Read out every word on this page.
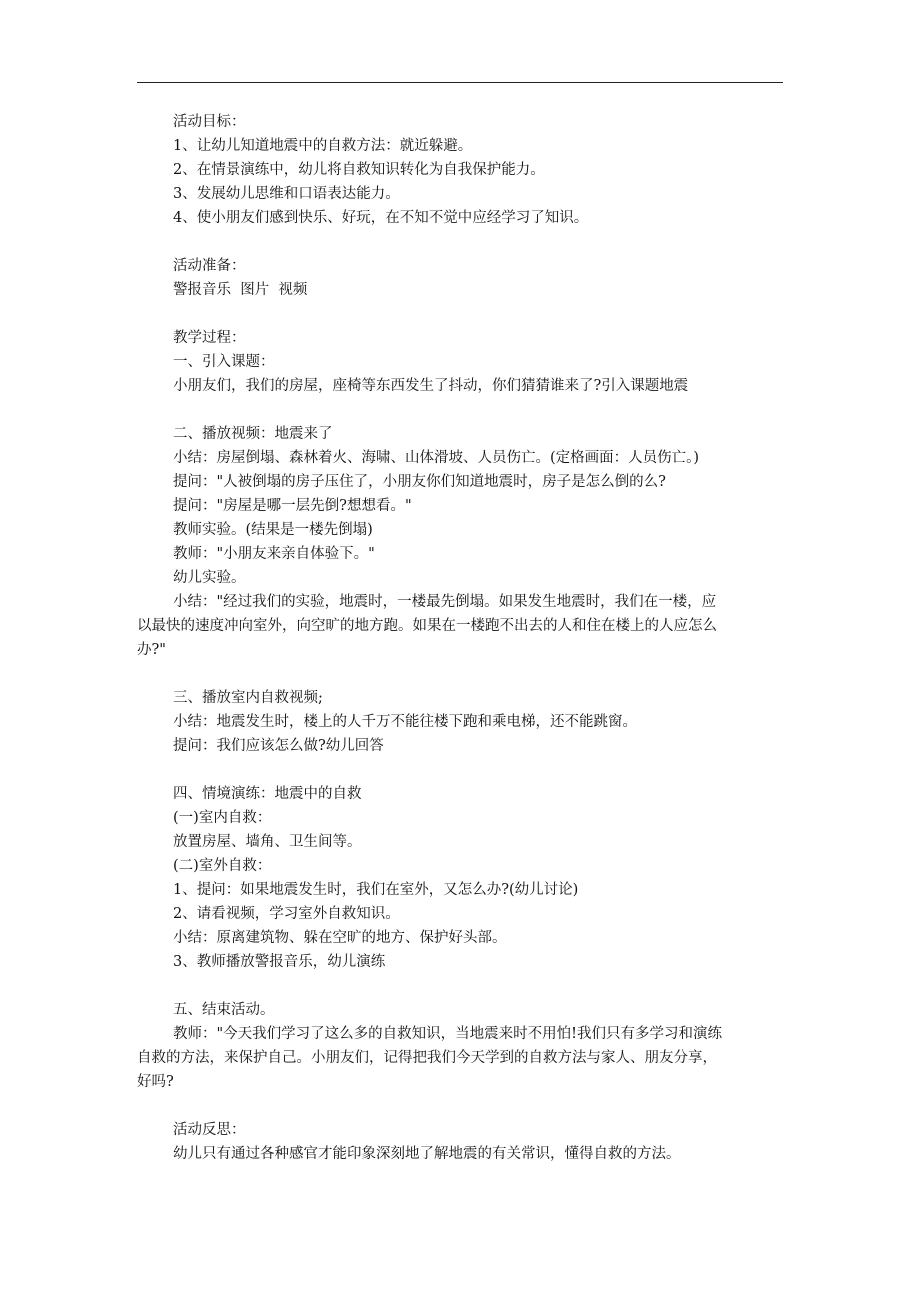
活动目标：
1、让幼儿知道地震中的自救方法：就近躲避。
2、在情景演练中，幼儿将自救知识转化为自我保护能力。
3、发展幼儿思维和口语表达能力。
4、使小朋友们感到快乐、好玩，在不知不觉中应经学习了知识。
活动准备：
警报音乐  图片  视频
教学过程：
一、引入课题：
小朋友们，我们的房屋，座椅等东西发生了抖动，你们猜猜谁来了?引入课题地震
二、播放视频：地震来了
小结：房屋倒塌、森林着火、海啸、山体滑坡、人员伤亡。(定格画面：人员伤亡。)
提问："人被倒塌的房子压住了，小朋友你们知道地震时，房子是怎么倒的么?
提问："房屋是哪一层先倒?想想看。"
教师实验。(结果是一楼先倒塌)
教师："小朋友来亲自体验下。"
幼儿实验。
小结："经过我们的实验，地震时，一楼最先倒塌。如果发生地震时，我们在一楼，应
以最快的速度冲向室外，向空旷的地方跑。如果在一楼跑不出去的人和住在楼上的人应怎么
办?"
三、播放室内自救视频;
小结：地震发生时，楼上的人千万不能往楼下跑和乘电梯，还不能跳窗。
提问：我们应该怎么做?幼儿回答
四、情境演练：地震中的自救
(一)室内自救：
放置房屋、墙角、卫生间等。
(二)室外自救：
1、提问：如果地震发生时，我们在室外，又怎么办?(幼儿讨论)
2、请看视频，学习室外自救知识。
小结：原离建筑物、躲在空旷的地方、保护好头部。
3、教师播放警报音乐，幼儿演练
五、结束活动。
教师："今天我们学习了这么多的自救知识，当地震来时不用怕!我们只有多学习和演练
自救的方法，来保护自己。小朋友们，记得把我们今天学到的自救方法与家人、朋友分享，
好吗?
活动反思：
幼儿只有通过各种感官才能印象深刻地了解地震的有关常识，懂得自救的方法。
